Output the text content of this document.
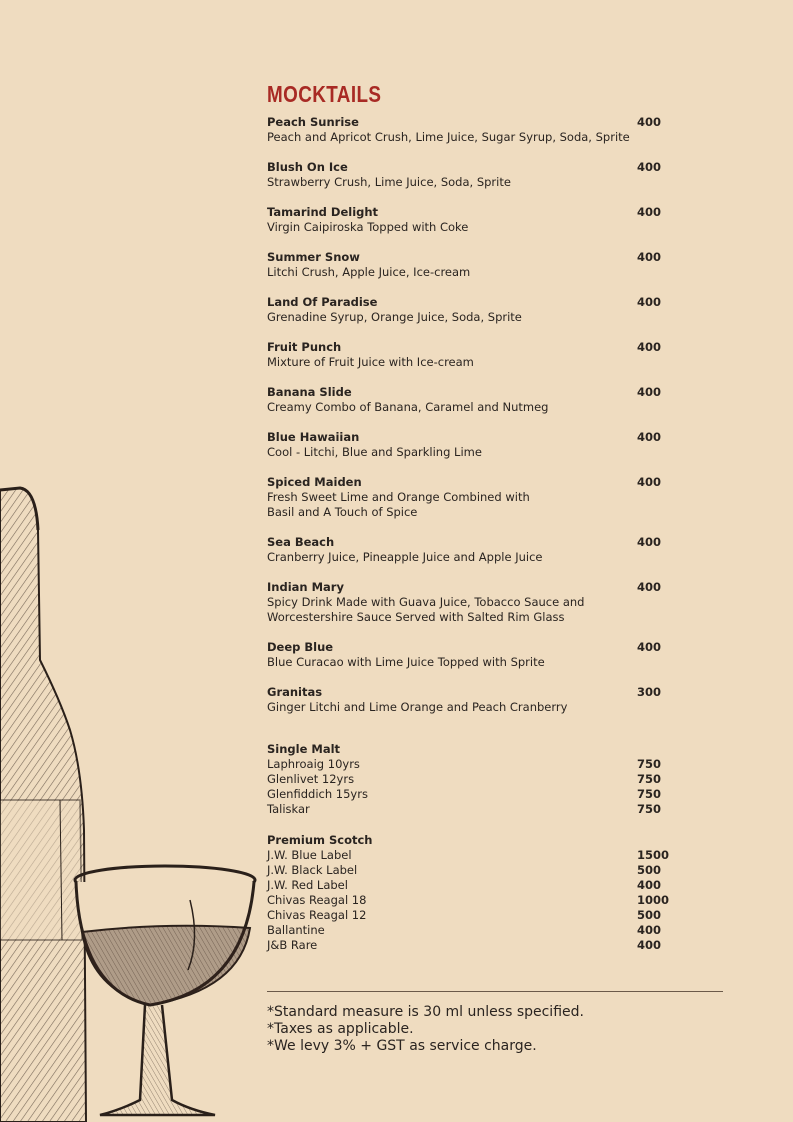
MOCKTAILS
Peach Sunrise	400
Peach and Apricot Crush, Lime Juice, Sugar Syrup, Soda, Sprite
Blush On Ice	400
Strawberry Crush, Lime Juice, Soda, Sprite
Tamarind Delight	400
Virgin Caipiroska Topped with Coke
Summer Snow	400
Litchi Crush, Apple Juice, Ice-cream
Land Of Paradise	400
Grenadine Syrup, Orange Juice, Soda, Sprite
Fruit Punch	400
Mixture of Fruit Juice with Ice-cream
Banana Slide	400
Creamy Combo of Banana, Caramel and Nutmeg
Blue Hawaiian	400
Cool - Litchi, Blue and Sparkling Lime
Spiced Maiden	400
Fresh Sweet Lime and Orange Combined with
Basil and A Touch of Spice
Sea Beach	400
Cranberry Juice, Pineapple Juice and Apple Juice
Indian Mary	400
Spicy Drink Made with Guava Juice, Tobacco Sauce and
Worcestershire Sauce Served with Salted Rim Glass
Deep Blue	400
Blue Curacao with Lime Juice Topped with Sprite
Granitas	300
Ginger Litchi and Lime Orange and Peach Cranberry
Single Malt
Laphroaig 10yrs	750
Glenlivet 12yrs	750
Glenfiddich 15yrs	750
Taliskar	750
Premium Scotch
J.W. Blue Label	1500
J.W. Black Label	500
J.W. Red Label	400
Chivas Reagal 18	1000
Chivas Reagal 12	500
Ballantine	400
J&B Rare	400
*Standard measure is 30 ml unless specified.
*Taxes as applicable.
*We levy 3% + GST as service charge.
